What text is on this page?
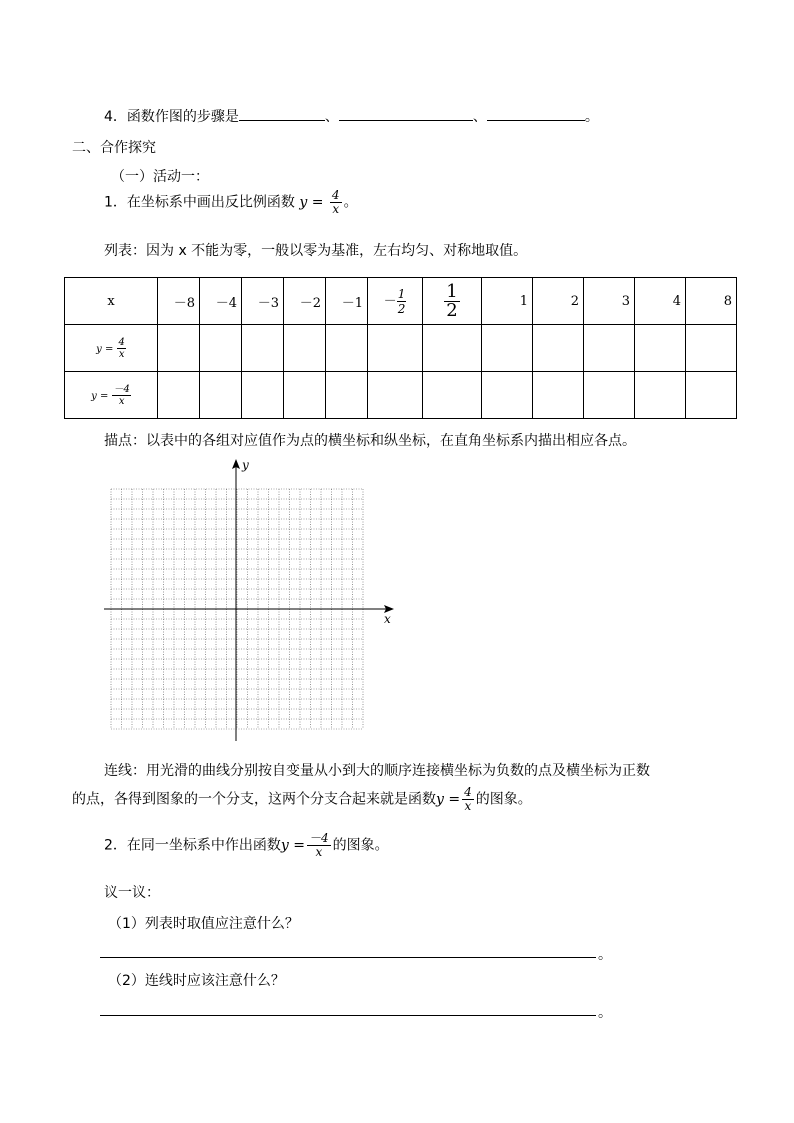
4．函数作图的步骤是	、	、	。
二、合作探究
（一）活动一：
1．在坐标系中画出反比例函数 $y = \frac{4}{x}$ 。
列表：因为 x 不能为零，一般以零为基准，左右均匀、对称地取值。
x	－8	－4	－3	－2	－1	－ $\frac{1}{2}$	$\frac{1}{2}$	1	2	3	4	8
$y = \frac{4}{x}$

$y = \frac{-4}{x}$

描点：以表中的各组对应值作为点的横坐标和纵坐标，在直角坐标系内描出相应各点。
x
y
连线：用光滑的曲线分别按自变量从小到大的顺序连接横坐标为负数的点及横坐标为正数
的点，各得到图象的一个分支，这两个分支合起来就是函数$y = \frac{4}{x}$ 的图象。
2．在同一坐标系中作出函数$y = \frac{-4}{x}$ 的图象。
议一议：
（1）列表时取值应注意什么？
。
（2）连线时应该注意什么？
。
